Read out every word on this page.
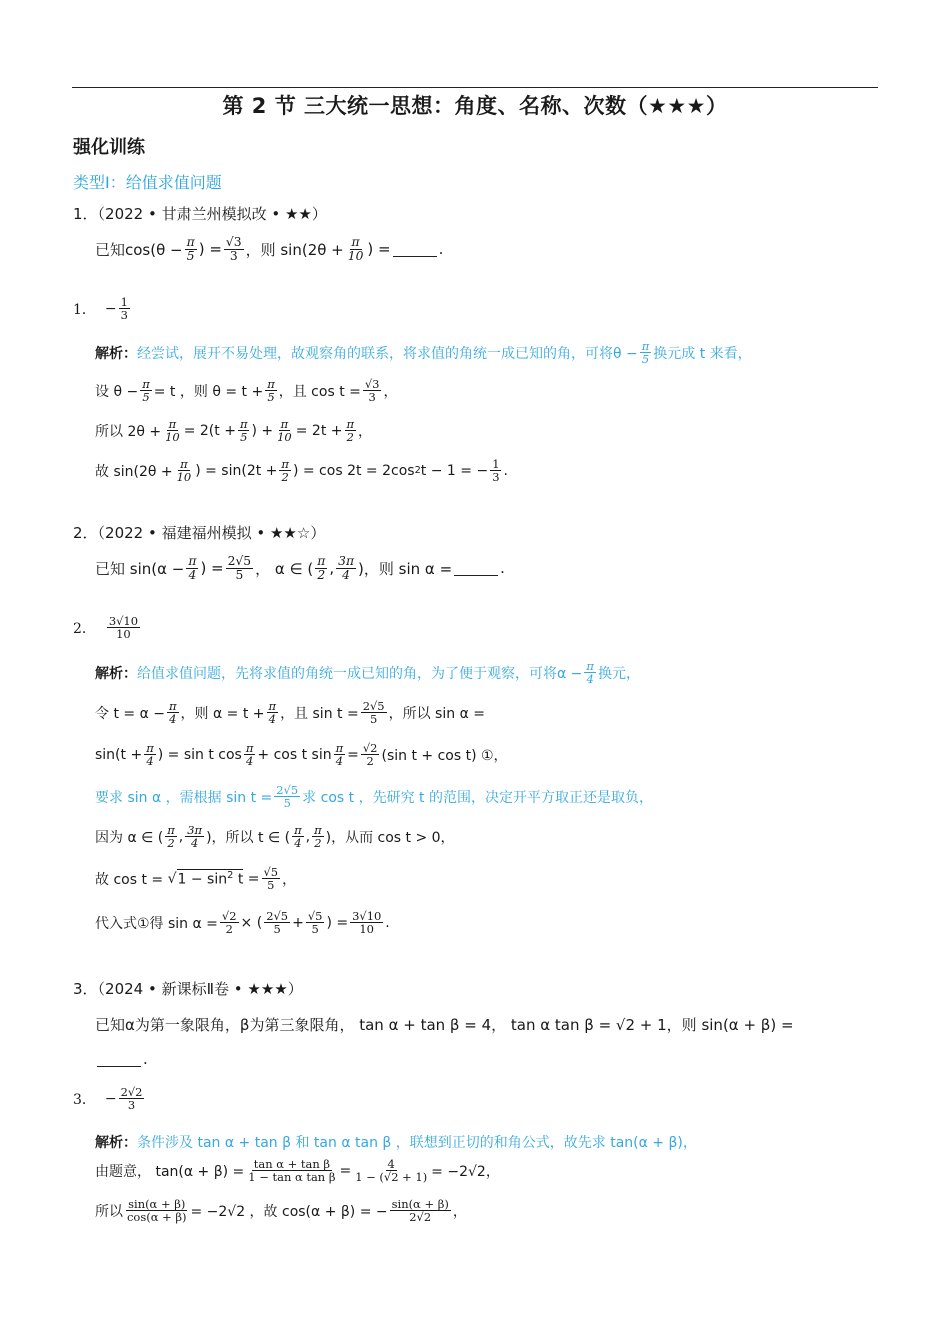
第 2 节 三大统一思想：角度、名称、次数（★★★）
强化训练
类型Ⅰ：给值求值问题
1．（2022 • 甘肃兰州模拟改 • ★★）
已知$\cos(\theta - \frac{\pi}{5}$ ) = $\frac{√3}{3}$ ，则 $\sin(2\theta + \frac{\pi}{10}$ ) =	.
1．
− $\frac{1}{3}$
解析： 经尝试，展开不易处理，故观察角的联系，将求值的角统一成已知的角，可将$\theta - \frac{\pi}{5}$ 换元成 t 来看，
设 $\theta - \frac{\pi}{5} = t$ ，则 $\theta = t + \frac{\pi}{5}$ ，且 $\cos t = \frac{√3}{3}$ ，
所以 $2\theta + \frac{\pi}{10} = 2(t + \frac{\pi}{5}$ ) + $\frac{\pi}{10} = 2t + \frac{\pi}{2}$ ，
故 $\sin(2\theta + \frac{\pi}{10}$ ) = $\sin(2t + \frac{\pi}{2}$ ) = cos 2t = 2cos 2 t − 1 = − $\frac{1}{3}$ .
2．（2022 • 福建福州模拟 • ★★☆）
已知 $\sin(\alpha - \frac{\pi}{4}$ ) = $\frac{2√5}{5}$ ， α ∈ ( $\frac{\pi}{2}$ , $\frac{3\pi}{4}$ )，则 sin α =	.
2．
$\frac{3√10}{10}$
解析： 给值求值问题，先将求值的角统一成已知的角，为了便于观察，可将$\alpha - \frac{\pi}{4}$ 换元，
令 $t = \alpha - \frac{\pi}{4}$ ，则 $\alpha = t + \frac{\pi}{4}$ ，且 $\sin t = \frac{2√5}{5}$ ，所以 sin α =
$\sin(t + \frac{\pi}{4}$ ) = sin t $\cos \frac{\pi}{4} + \cos t$ $\sin \frac{\pi}{4} = \frac{√2}{2} (\sin$ t + cos t) ①，
要求 sin α ，需根据 $\sin t = \frac{2√5}{5}$ 求 cos t ，先研究 t 的范围，决定开平方取正还是取负，
因为 α ∈ ( $\frac{\pi}{2}$ , $\frac{3\pi}{4}$ )，所以 t ∈ ( $\frac{\pi}{4}$ , $\frac{\pi}{2}$ )，从而 cos t > 0，
故 cos t = √ $1 - \sin^2 t$
= $\frac{√5}{5}$ ，
代入式①得 $\sin \alpha = \frac{√2}{2}$ × ( $\frac{2√5}{5} + \frac{√5}{5}$ ) = $\frac{3√10}{10}$ .
3．（2024 • 新课标Ⅱ卷 • ★★★）
已知α为第一象限角，β为第三象限角， tan α + tan β = 4， tan α tan β = √2 + 1，则 sin(α + β) =
.
3．
− $\frac{2√2}{3}$
解析： 条件涉及 tan α + tan β 和 tan α tan β ，联想到正切的和角公式，故先求 tan(α + β)，
由题意， $\tan(\alpha + \beta) = \frac{\text{tan α + tan β}}{\text{1 − tan α tan β}} = \frac{4}{1 - (√2 + 1)} = -2√2$，
所以 $\frac{\sin(\alpha + \beta)}{\cos(\alpha + \beta)} = -2√2$ ，故 cos(α + β) = − $\frac{\sin(\alpha + \beta)}{2√2}$ ，
